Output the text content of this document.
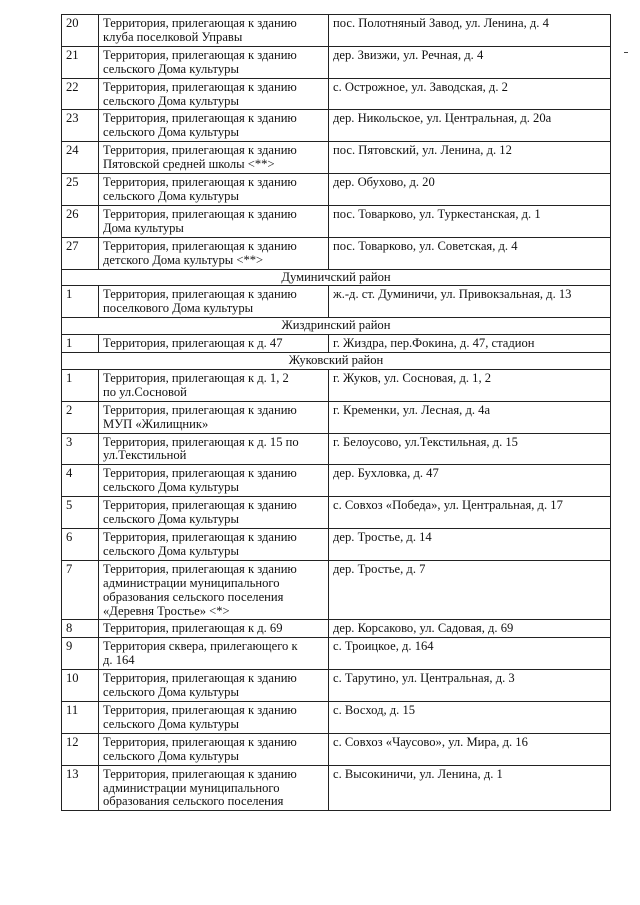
20	Территория, прилегающая к зданию
клуба поселковой Управы	пос. Полотняный Завод, ул. Ленина, д. 4

21	Территория, прилегающая к зданию
сельского Дома культуры	дер. Звизжи, ул. Речная, д. 4

22	Территория, прилегающая к зданию
сельского Дома культуры	с. Острожное, ул. Заводская, д. 2

23	Территория, прилегающая к зданию
сельского Дома культуры	дер. Никольское, ул. Центральная, д. 20а

24	Территория, прилегающая к зданию
Пятовской средней школы <**>	пос. Пятовский, ул. Ленина, д. 12

25	Территория, прилегающая к зданию
сельского Дома культуры	дер. Обухово, д. 20

26	Территория, прилегающая к зданию
Дома культуры	пос. Товарково, ул. Туркестанская, д. 1

27	Территория, прилегающая к зданию
детского Дома культуры <**>	пос. Товарково, ул. Советская, д. 4

Думиничский район		
1	Территория, прилегающая к зданию
поселкового Дома культуры	ж.-д. ст. Думиничи, ул. Привокзальная, д. 13

Жиздринский район		
1	Территория, прилегающая к д. 47	г. Жиздра, пер.Фокина, д. 47, стадион

Жуковский район		
1	Территория, прилегающая к д. 1, 2
по ул.Сосновой	г. Жуков, ул. Сосновая, д. 1, 2

2	Территория, прилегающая к зданию
МУП «Жилищник»	г. Кременки, ул. Лесная, д. 4а

3	Территория, прилегающая к д. 15 по
ул.Текстильной	г. Белоусово, ул.Текстильная, д. 15

4	Территория, прилегающая к зданию
сельского Дома культуры	дер. Бухловка, д. 47

5	Территория, прилегающая к зданию
сельского Дома культуры	с. Совхоз «Победа», ул. Центральная, д. 17

6	Территория, прилегающая к зданию
сельского Дома культуры	дер. Тростье, д. 14

7	Территория, прилегающая к зданию
администрации муниципального
образования сельского поселения
«Деревня Тростье» <*>	дер. Тростье, д. 7

8	Территория, прилегающая к д. 69	дер. Корсаково, ул. Садовая, д. 69

9	Территория сквера, прилегающего к
д. 164	с. Троицкое, д. 164

10	Территория, прилегающая к зданию
сельского Дома культуры	с. Тарутино, ул. Центральная, д. 3

11	Территория, прилегающая к зданию
сельского Дома культуры	с. Восход, д. 15

12	Территория, прилегающая к зданию
сельского Дома культуры	с. Совхоз «Чаусово», ул. Мира, д. 16

13	Территория, прилегающая к зданию
администрации муниципального
образования сельского поселения	с. Высокиничи, ул. Ленина, д. 1
